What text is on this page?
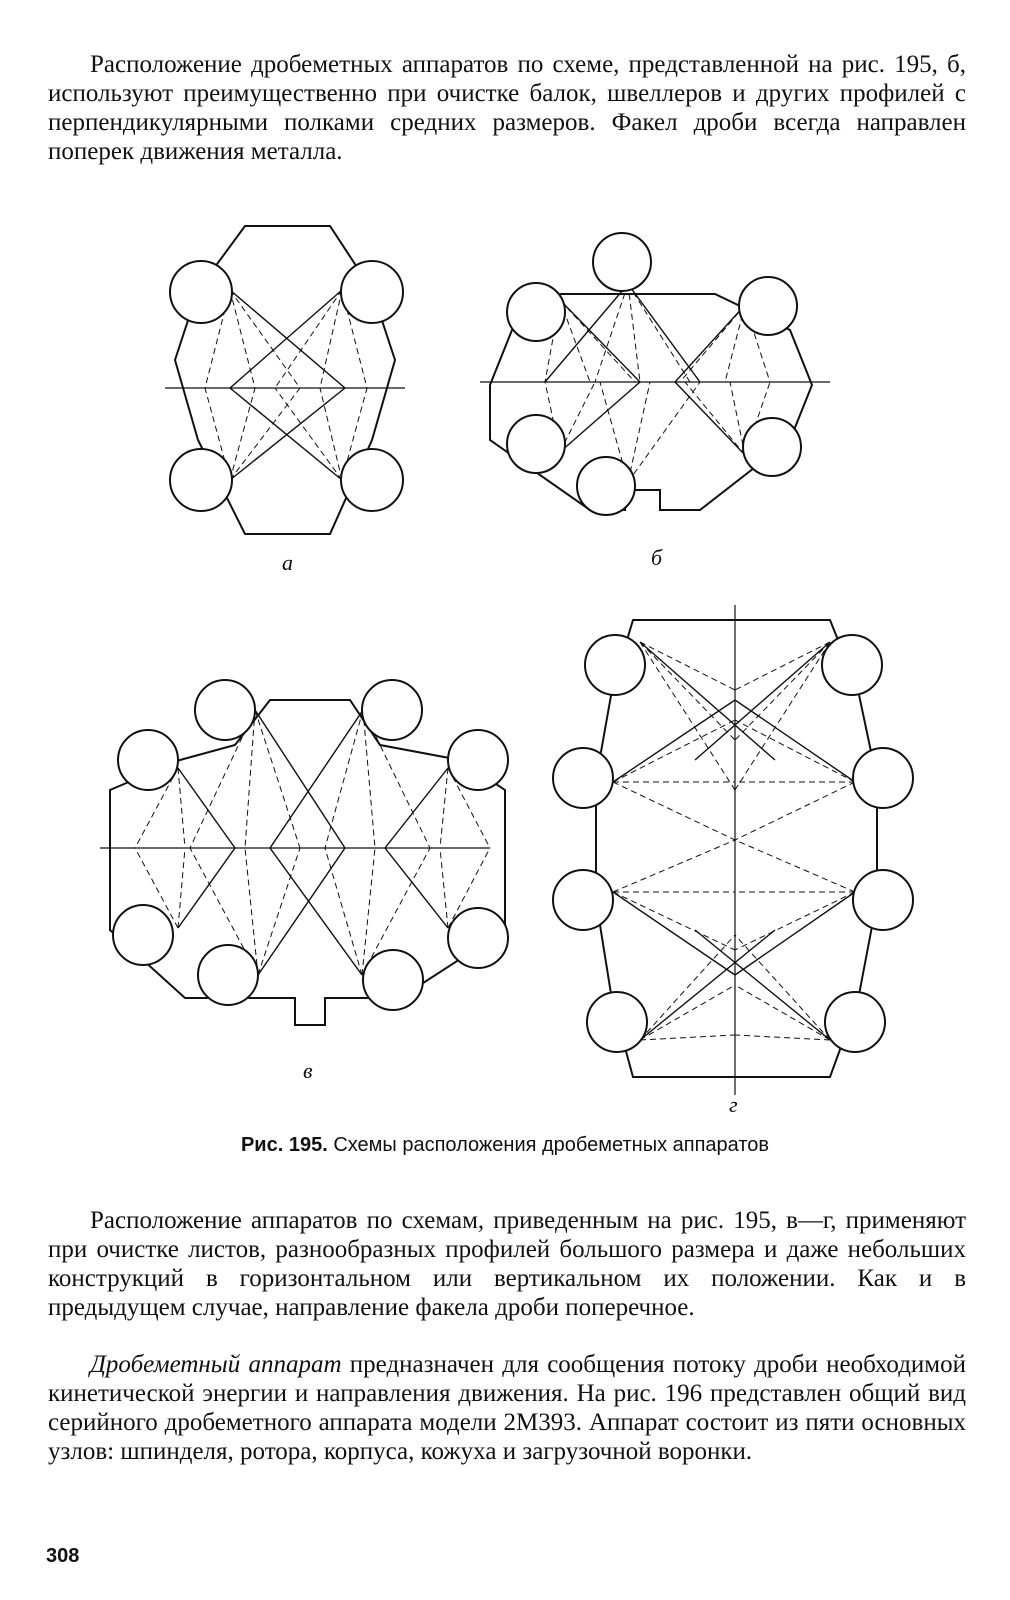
Расположение дробеметных аппаратов по схеме, представленной на рис. 195, б, используют преимущественно при очистке балок, швеллеров и других профилей с перпендикулярными полками средних размеров. Факел дроби всегда направлен поперек движения металла.

а	б
в
г
Рис. 195. Схемы расположения дробеметных аппаратов

Расположение аппаратов по схемам, приведенным на рис. 195, в—г, применяют при очистке листов, разнообразных профилей большого размера и даже небольших конструкций в горизонтальном или вертикальном их положении. Как и в предыдущем случае, направление факела дроби поперечное.

Дробеметный аппарат предназначен для сообщения потоку дроби необходимой кинетической энергии и направления движения. На рис. 196 представлен общий вид серийного дробеметного аппарата модели 2М393. Аппарат состоит из пяти основных узлов: шпинделя, ротора, корпуса, кожуха и загрузочной воронки.

308
